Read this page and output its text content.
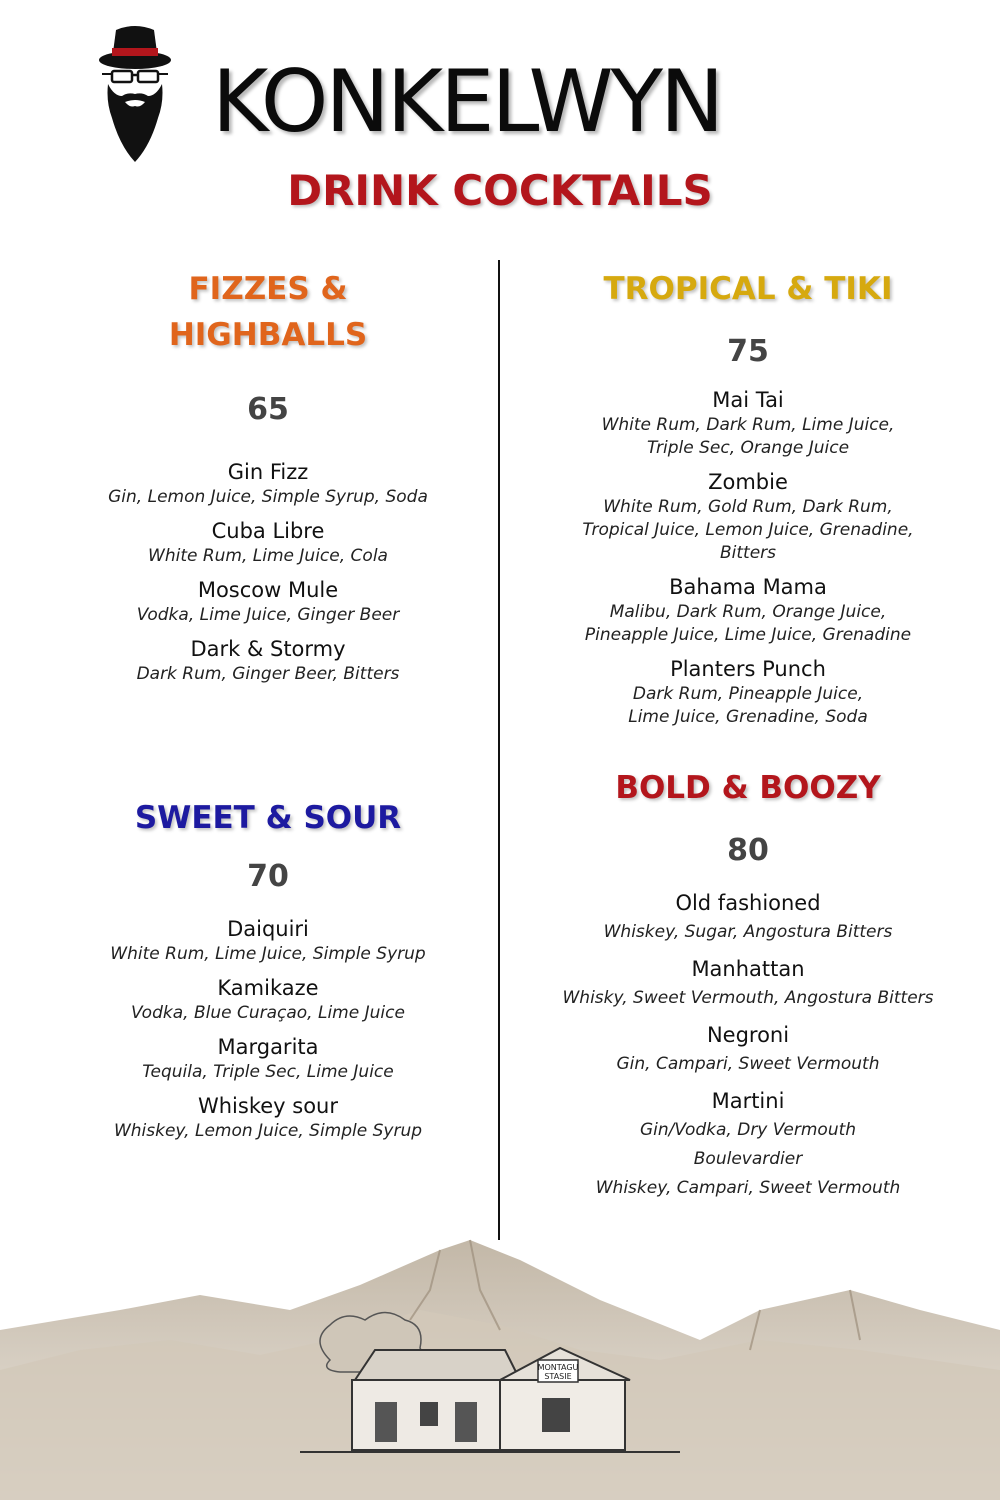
KONKELWYN
DRINK COCKTAILS
FIZZES &
HIGHBALLS
65
Gin Fizz
Gin, Lemon Juice, Simple Syrup, Soda
Cuba Libre
White Rum, Lime Juice, Cola
Moscow Mule
Vodka, Lime Juice, Ginger Beer
Dark & Stormy
Dark Rum, Ginger Beer, Bitters
SWEET & SOUR
70
Daiquiri
White Rum, Lime Juice, Simple Syrup
Kamikaze
Vodka, Blue Curaçao, Lime Juice
Margarita
Tequila, Triple Sec, Lime Juice
Whiskey sour
Whiskey, Lemon Juice, Simple Syrup
TROPICAL & TIKI
75
Mai Tai
White Rum, Dark Rum, Lime Juice,
Triple Sec, Orange Juice
Zombie
White Rum, Gold Rum, Dark Rum,
Tropical Juice, Lemon Juice, Grenadine,
Bitters
Bahama Mama
Malibu, Dark Rum, Orange Juice,
Pineapple Juice, Lime Juice, Grenadine
Planters Punch
Dark Rum, Pineapple Juice,
Lime Juice, Grenadine, Soda
BOLD & BOOZY
80
Old fashioned
Whiskey, Sugar, Angostura Bitters
Manhattan
Whisky, Sweet Vermouth, Angostura Bitters
Negroni
Gin, Campari, Sweet Vermouth
Martini
Gin/Vodka, Dry Vermouth
Boulevardier
Whiskey, Campari, Sweet Vermouth
MONTAGU
STASIE
